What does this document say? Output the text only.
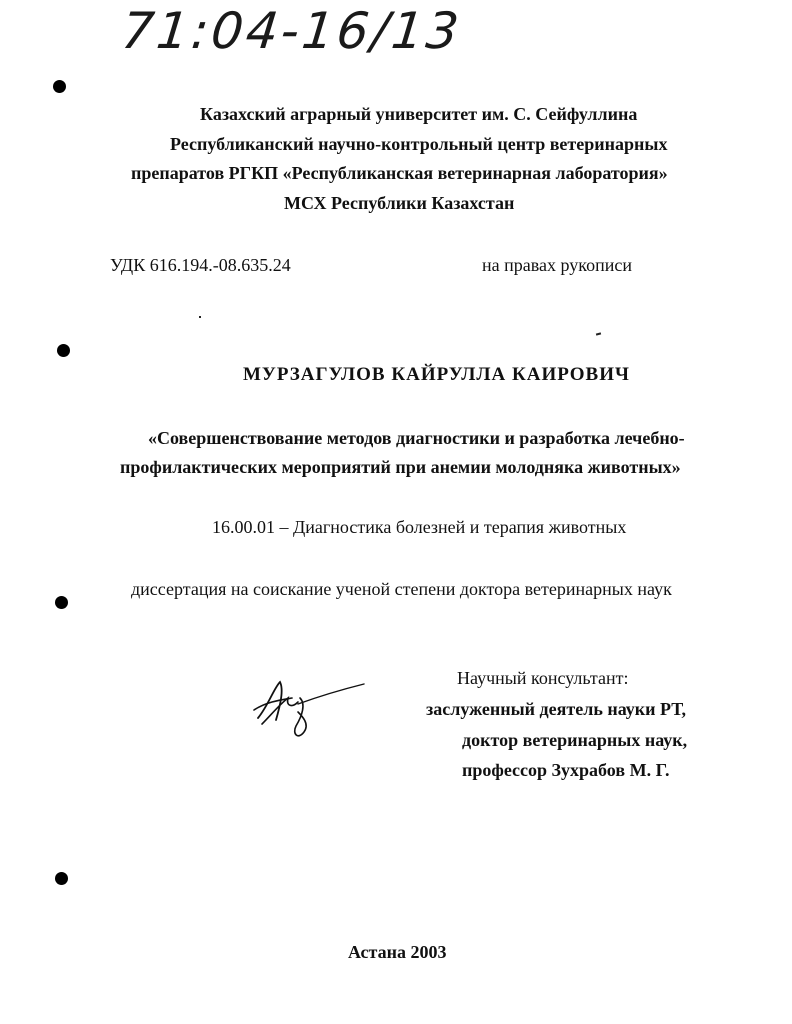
71:04-16/13
Казахский аграрный университет им. С. Сейфуллина
Республиканский научно-контрольный центр ветеринарных
препаратов РГКП «Республиканская ветеринарная лаборатория»
МСХ Республики Казахстан
УДК 616.194.-08.635.24	на правах рукописи
МУРЗАГУЛОВ КАЙРУЛЛА КАИРОВИЧ
«Совершенствование методов диагностики и разработка лечебно-
профилактических мероприятий при анемии молодняка животных»
16.00.01 – Диагностика болезней и терапия животных
диссертация на соискание ученой степени доктора ветеринарных наук
Научный консультант:
заслуженный деятель науки РТ,
доктор ветеринарных наук,
профессор Зухрабов М. Г.
Астана 2003
